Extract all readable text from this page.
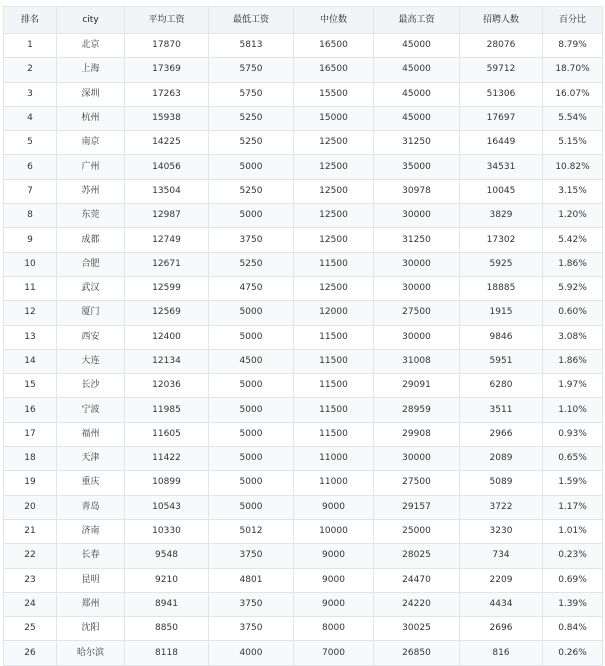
排名	city	平均工资	最低工资	中位数	最高工资	招聘人数	百分比
1	北京	17870	5813	16500	45000	28076	8.79%
2	上海	17369	5750	16500	45000	59712	18.70%
3	深圳	17263	5750	15500	45000	51306	16.07%
4	杭州	15938	5250	15000	45000	17697	5.54%
5	南京	14225	5250	12500	31250	16449	5.15%
6	广州	14056	5000	12500	35000	34531	10.82%
7	苏州	13504	5250	12500	30978	10045	3.15%
8	东莞	12987	5000	12500	30000	3829	1.20%
9	成都	12749	3750	12500	31250	17302	5.42%
10	合肥	12671	5250	11500	30000	5925	1.86%
11	武汉	12599	4750	12500	30000	18885	5.92%
12	厦门	12569	5000	12000	27500	1915	0.60%
13	西安	12400	5000	11500	30000	9846	3.08%
14	大连	12134	4500	11500	31008	5951	1.86%
15	长沙	12036	5000	11500	29091	6280	1.97%
16	宁波	11985	5000	11500	28959	3511	1.10%
17	福州	11605	5000	11500	29908	2966	0.93%
18	天津	11422	5000	11000	30000	2089	0.65%
19	重庆	10899	5000	11000	27500	5089	1.59%
20	青岛	10543	5000	9000	29157	3722	1.17%
21	济南	10330	5012	10000	25000	3230	1.01%
22	长春	9548	3750	9000	28025	734	0.23%
23	昆明	9210	4801	9000	24470	2209	0.69%
24	郑州	8941	3750	9000	24220	4434	1.39%
25	沈阳	8850	3750	8000	30025	2696	0.84%
26	哈尔滨	8118	4000	7000	26850	816	0.26%
